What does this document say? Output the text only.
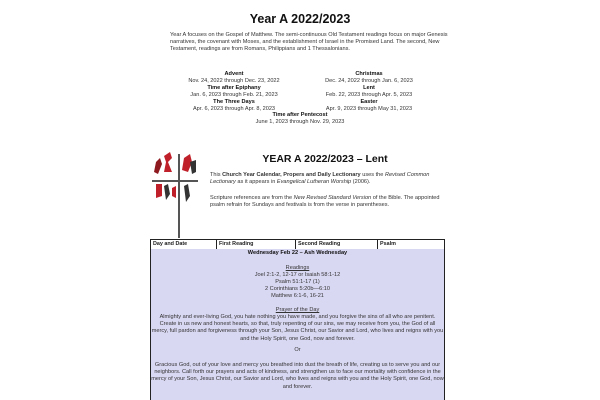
Year A 2022/2023
Year A focuses on the Gospel of Matthew. The semi-continuous Old Testament readings focus on major Genesis narratives, the covenant with Moses, and the establishment of Israel in the Promised Land. The second, New Testament, readings are from Romans, Philippians and 1 Thessalonians.
Advent
Nov. 24, 2022 through Dec. 23, 2022
Christmas
Dec. 24, 2022 through Jan. 6, 2023
Time after Epiphany
Jan. 6, 2023 through Feb. 21, 2023
Lent
Feb. 22, 2023 through Apr. 5, 2023
The Three Days
Apr. 6, 2023 through Apr. 8, 2023
Easter
Apr. 9, 2023 through May 31, 2023
Time after Pentecost
June 1, 2023 through Nov. 29, 2023
YEAR A 2022/2023 – Lent
This Church Year Calendar, Propers and Daily Lectionary uses the Revised Common Lectionary as it appears in Evangelical Lutheran Worship (2006).
Scripture references are from the New Revised Standard Version of the Bible. The appointed psalm refrain for Sundays and festivals is from the verse in parentheses.
Day and Date	First Reading	Second Reading	Psalm
Wednesday Feb 22 – Ash Wednesday
Readings
Joel 2:1-2, 12-17 or Isaiah 58:1-12
Psalm 51:1-17 (1)
2 Corinthians 5:20b—6:10
Matthew 6:1-6, 16-21
Prayer of the Day
Almighty and ever-living God, you hate nothing you have made, and you forgive the sins of all who are penitent. Create in us new and honest hearts, so that, truly repenting of our sins, we may receive from you, the God of all mercy, full pardon and forgiveness through your Son, Jesus Christ, our Savior and Lord, who lives and reigns with you and the Holy Spirit, one God, now and forever.
Or
Gracious God, out of your love and mercy you breathed into dust the breath of life, creating us to serve you and our neighbors. Call forth our prayers and acts of kindness, and strengthen us to face our mortality with confidence in the mercy of your Son, Jesus Christ, our Savior and Lord, who lives and reigns with you and the Holy Spirit, one God, now and forever.
